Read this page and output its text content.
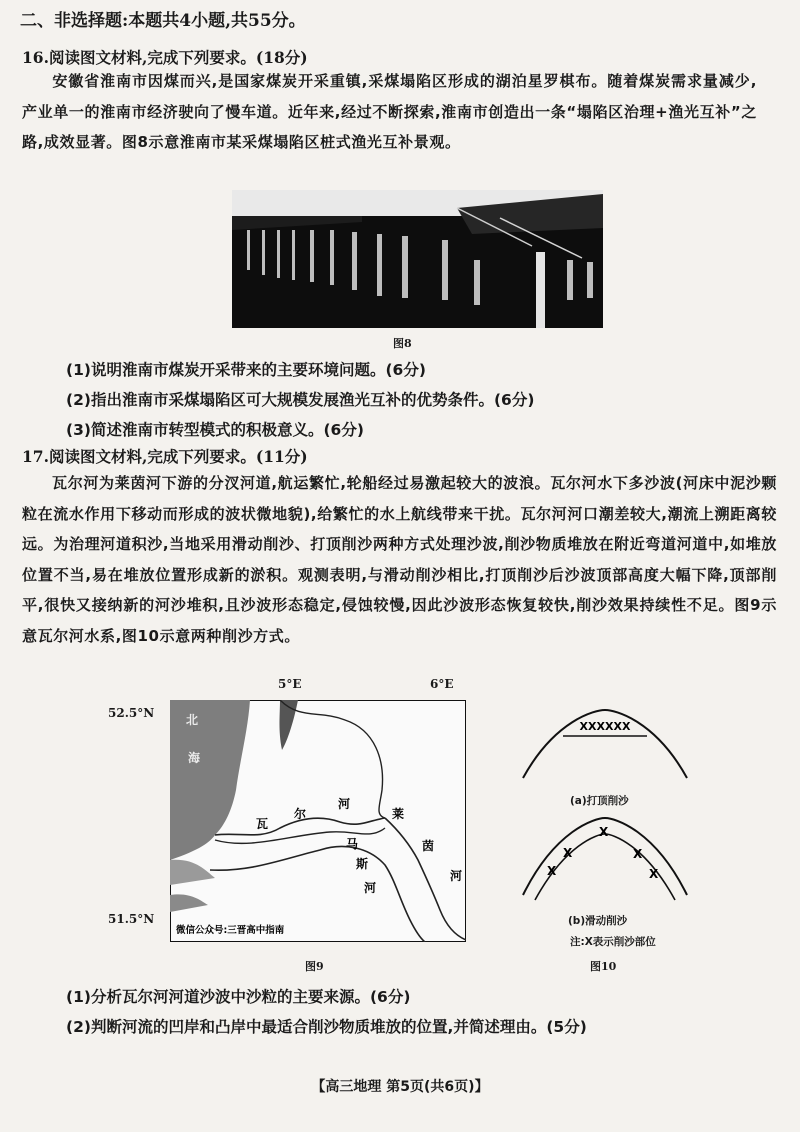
二、非选择题:本题共4小题,共55分。
16.阅读图文材料,完成下列要求。(18分)
安徽省淮南市因煤而兴,是国家煤炭开采重镇,采煤塌陷区形成的湖泊星罗棋布。随着煤炭需求量减少,产业单一的淮南市经济驶向了慢车道。近年来,经过不断探索,淮南市创造出一条“塌陷区治理+渔光互补”之路,成效显著。图8示意淮南市某采煤塌陷区桩式渔光互补景观。
图8
(1)说明淮南市煤炭开采带来的主要环境问题。(6分)
(2)指出淮南市采煤塌陷区可大规模发展渔光互补的优势条件。(6分)
(3)简述淮南市转型模式的积极意义。(6分)
17.阅读图文材料,完成下列要求。(11分)
瓦尔河为莱茵河下游的分汊河道,航运繁忙,轮船经过易激起较大的波浪。瓦尔河水下多沙波(河床中泥沙颗粒在流水作用下移动而形成的波状微地貌),给繁忙的水上航线带来干扰。瓦尔河河口潮差较大,潮流上溯距离较远。为治理河道积沙,当地采用滑动削沙、打顶削沙两种方式处理沙波,削沙物质堆放在附近弯道河道中,如堆放位置不当,易在堆放位置形成新的淤积。观测表明,与滑动削沙相比,打顶削沙后沙波顶部高度大幅下降,顶部削平,很快又接纳新的河沙堆积,且沙波形态稳定,侵蚀较慢,因此沙波形态恢复较快,削沙效果持续性不足。图9示意瓦尔河水系,图10示意两种削沙方式。
5°E	6°E
52.5°N
51.5°N
北
海
瓦
尔
河
莱
茵
河
马
斯
河
微信公众号:三晋高中指南
图9
XXXXXX
X
X
X
X
X
(a)打顶削沙
(b)滑动削沙
注:X表示削沙部位
图10
(1)分析瓦尔河河道沙波中沙粒的主要来源。(6分)
(2)判断河流的凹岸和凸岸中最适合削沙物质堆放的位置,并简述理由。(5分)
【高三地理 第5页(共6页)】
